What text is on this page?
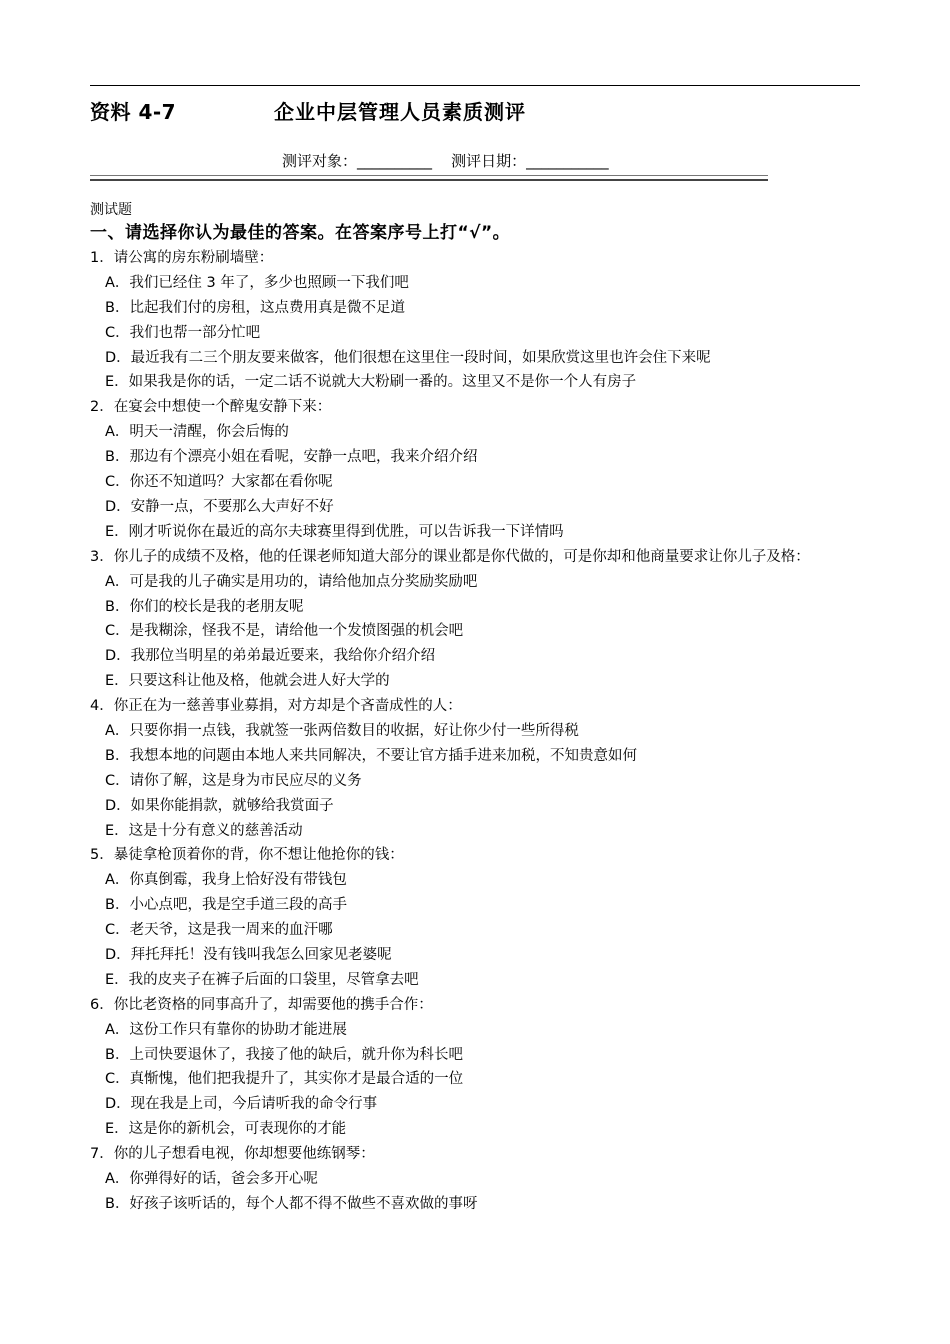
资料 4-7	企业中层管理人员素质测评
测评对象：__________ 测评日期：___________
测试题
一、请选择你认为最佳的答案。在答案序号上打“√”。
1．请公寓的房东粉刷墙壁：
A．我们已经住 3 年了，多少也照顾一下我们吧
B．比起我们付的房租，这点费用真是微不足道
C．我们也帮一部分忙吧
D．最近我有二三个朋友要来做客，他们很想在这里住一段时间，如果欣赏这里也许会住下来呢
E．如果我是你的话，一定二话不说就大大粉刷一番的。这里又不是你一个人有房子
2．在宴会中想使一个醉鬼安静下来：
A．明天一清醒，你会后悔的
B．那边有个漂亮小姐在看呢，安静一点吧，我来介绍介绍
C．你还不知道吗？大家都在看你呢
D．安静一点，不要那么大声好不好
E．刚才听说你在最近的高尔夫球赛里得到优胜，可以告诉我一下详情吗
3．你儿子的成绩不及格，他的任课老师知道大部分的课业都是你代做的，可是你却和他商量要求让你儿子及格：
A．可是我的儿子确实是用功的，请给他加点分奖励奖励吧
B．你们的校长是我的老朋友呢
C．是我糊涂，怪我不是，请给他一个发愤图强的机会吧
D．我那位当明星的弟弟最近要来，我给你介绍介绍
E．只要这科让他及格，他就会进人好大学的
4．你正在为一慈善事业募捐，对方却是个吝啬成性的人：
A．只要你捐一点钱，我就签一张两倍数目的收据，好让你少付一些所得税
B．我想本地的问题由本地人来共同解决，不要让官方插手进来加税，不知贵意如何
C．请你了解，这是身为市民应尽的义务
D．如果你能捐款，就够给我赏面子
E．这是十分有意义的慈善活动
5．暴徒拿枪顶着你的背，你不想让他抢你的钱：
A．你真倒霉，我身上恰好没有带钱包
B．小心点吧，我是空手道三段的高手
C．老天爷，这是我一周来的血汗哪
D．拜托拜托！没有钱叫我怎么回家见老婆呢
E．我的皮夹子在裤子后面的口袋里，尽管拿去吧
6．你比老资格的同事高升了，却需要他的携手合作：
A．这份工作只有靠你的协助才能进展
B．上司快要退休了，我接了他的缺后，就升你为科长吧
C．真惭愧，他们把我提升了，其实你才是最合适的一位
D．现在我是上司，今后请听我的命令行事
E．这是你的新机会，可表现你的才能
7．你的儿子想看电视，你却想要他练钢琴：
A．你弹得好的话，爸会多开心呢
B．好孩子该听话的，每个人都不得不做些不喜欢做的事呀
